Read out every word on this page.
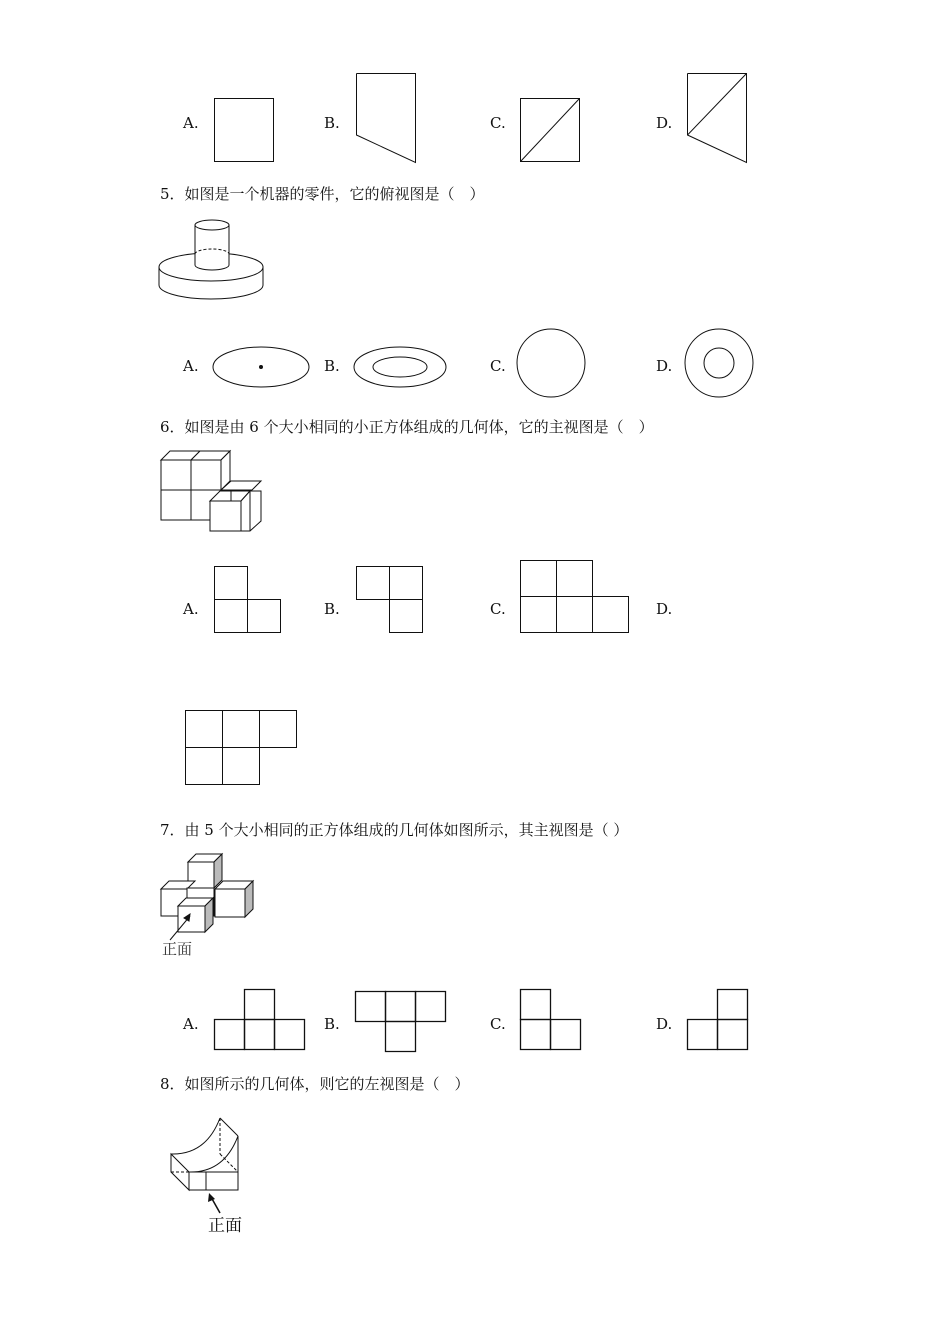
A.	B.	C.	D.
5．如图是一个机器的零件，它的俯视图是（　）
A.	B.	C.	D.
6．如图是由 6 个大小相同的小正方体组成的几何体，它的主视图是（　）
A.	B.	C.	D.
7．由 5 个大小相同的正方体组成的几何体如图所示，其主视图是（ ）
正面
A.	B.	C.	D.
8．如图所示的几何体，则它的左视图是（　）
正面
